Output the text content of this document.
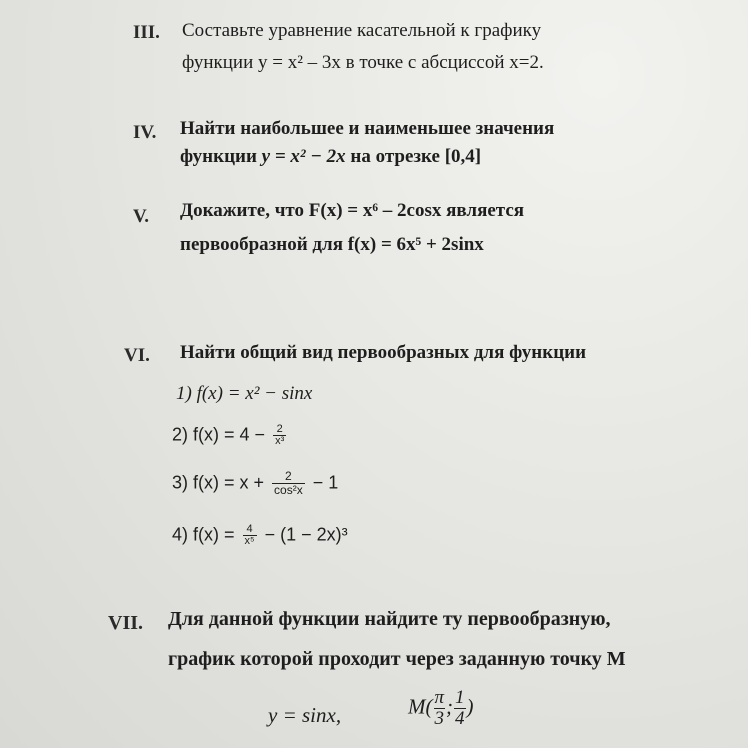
III. Составьте уравнение касательной к графику
функции y = x² – 3x в точке с абсциссой x=2.
IV. Найти наибольшее и наименьшее значения
функции y = x² − 2x на отрезке [0,4]
V. Докажите, что F(x) = x⁶ – 2cosx является
первообразной для f(x) = 6x⁵ + 2sinx
VI. Найти общий вид первообразных для функции
1) f(x) = x² − sinx
2) $f(x) = 4 - \frac{2}{\text{x³}}$
3) $f(x) = x + \frac{2}{\text{cos²x}} - 1$
4) $f(x) = \frac{4}{\text{x⁵}} - (1 - 2x)^3$
VII. Для данной функции найдите ту первообразную,
график которой проходит через заданную точку M
y = sinx,	$M( \frac{\pi}{3}$ ; $\frac{1}{4}$ )
